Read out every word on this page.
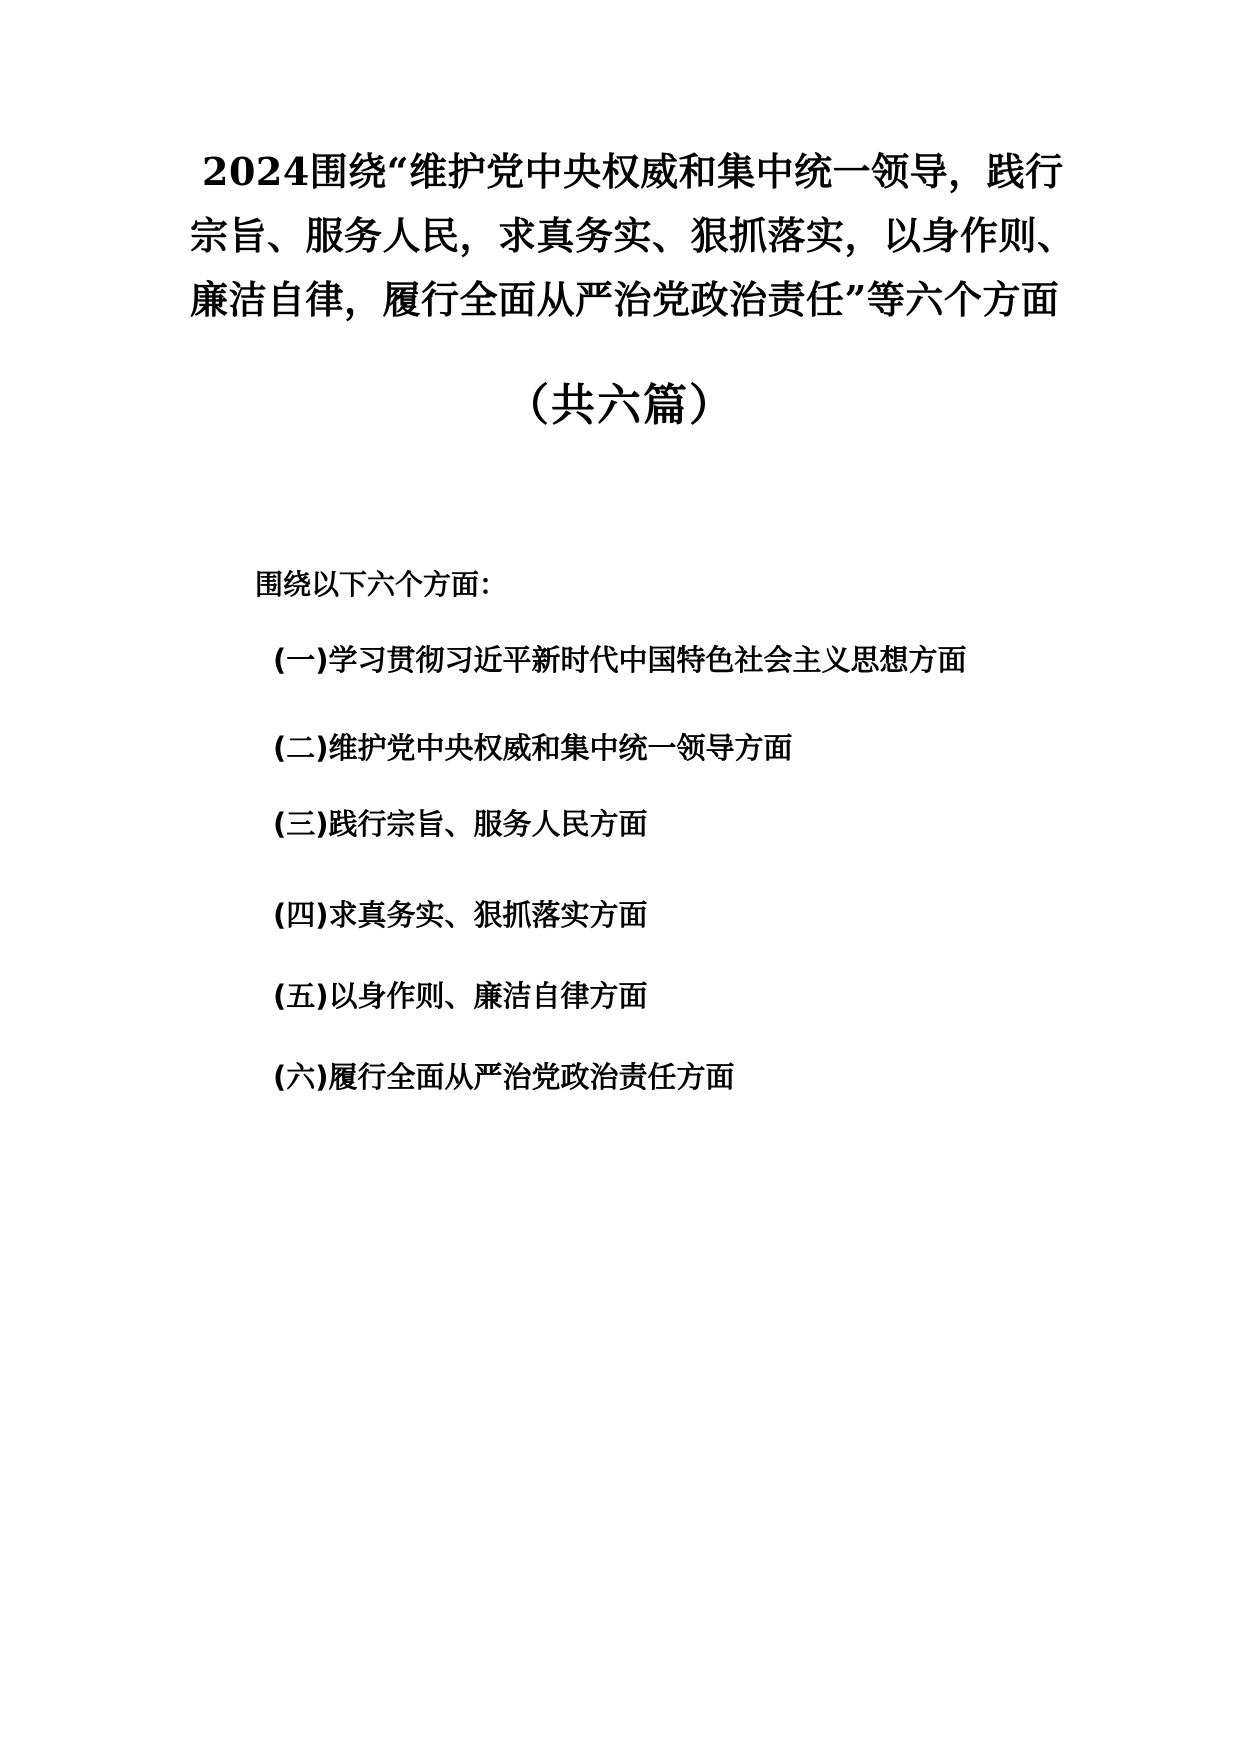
2024围绕“维护党中央权威和集中统一领导，践行
宗旨、服务人民，求真务实、狠抓落实，以身作则、
廉洁自律，履行全面从严治党政治责任”等六个方面
（共六篇）
围绕以下六个方面：
(一)学习贯彻习近平新时代中国特色社会主义思想方面
(二)维护党中央权威和集中统一领导方面
(三)践行宗旨、服务人民方面
(四)求真务实、狠抓落实方面
(五)以身作则、廉洁自律方面
(六)履行全面从严治党政治责任方面
